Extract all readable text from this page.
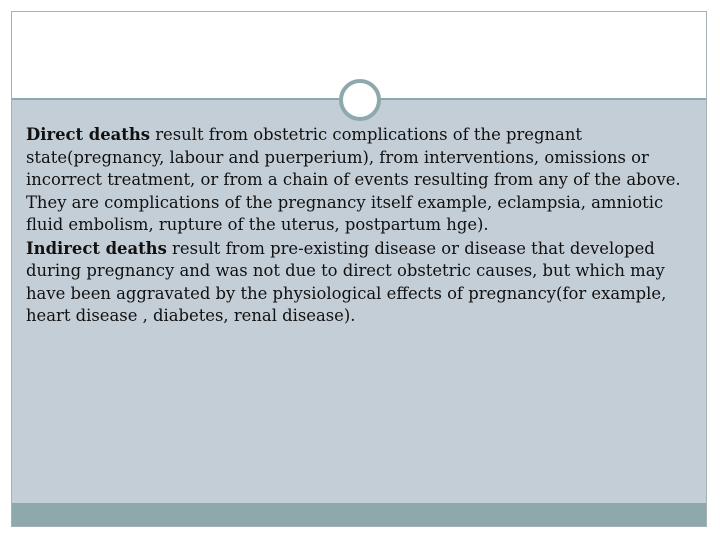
Direct deaths result from obstetric complications of the pregnant state(pregnancy, labour and puerperium), from interventions, omissions or incorrect treatment, or from a chain of events resulting from any of the above. They are complications of the pregnancy itself example, eclampsia, amniotic fluid embolism, rupture of the uterus, postpartum hge).

Indirect deaths result from pre-existing disease or disease that developed during pregnancy and was not due to direct obstetric causes, but which may have been aggravated by the physiological effects of pregnancy(for example, heart disease , diabetes, renal disease).
